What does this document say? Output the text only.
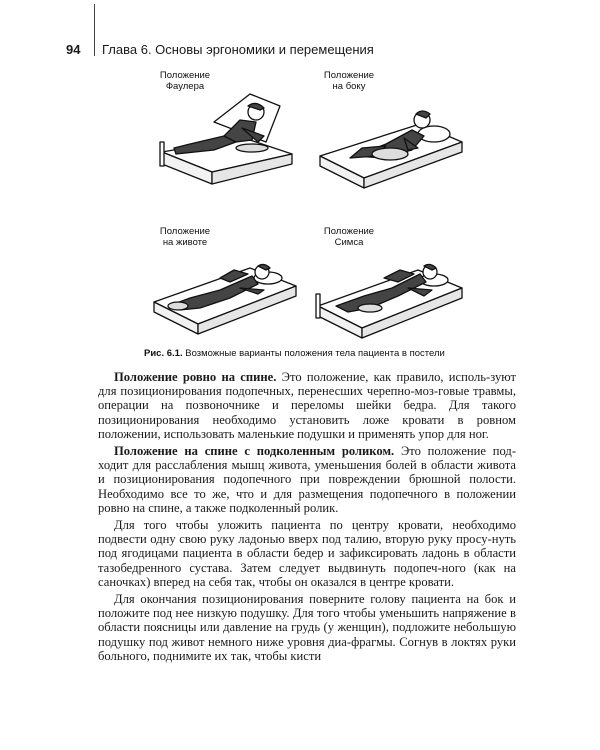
94 Глава 6. Основы эргономики и перемещения
Положение
Фаулера
Положение
на боку
Положение
на животе
Положение
Симса
Рис. 6.1. Возможные варианты положения тела пациента в постели

Положение ровно на спине. Это положение, как правило, исполь-зуют для позиционирования подопечных, перенесших черепно-моз-говые травмы, операции на позвоночнике и переломы шейки бедра. Для такого позиционирования необходимо установить ложе кровати в ровном положении, использовать маленькие подушки и применять упор для ног.

Положение на спине с подколенным роликом. Это положение под-ходит для расслабления мышц живота, уменьшения болей в области живота и позиционирования подопечного при повреждении брюшной полости. Необходимо все то же, что и для размещения подопечного в положении ровно на спине, а также подколенный ролик.

Для того чтобы уложить пациента по центру кровати, необходимо подвести одну свою руку ладонью вверх под талию, вторую руку просу-нуть под ягодицами пациента в области бедер и зафиксировать ладонь в области тазобедренного сустава. Затем следует выдвинуть подопеч-ного (как на саночках) вперед на себя так, чтобы он оказался в центре кровати.

Для окончания позиционирования поверните голову пациента на бок и положите под нее низкую подушку. Для того чтобы уменьшить напряжение в области поясницы или давление на грудь (у женщин), подложите небольшую подушку под живот немного ниже уровня диа-фрагмы. Согнув в локтях руки больного, поднимите их так, чтобы кисти
